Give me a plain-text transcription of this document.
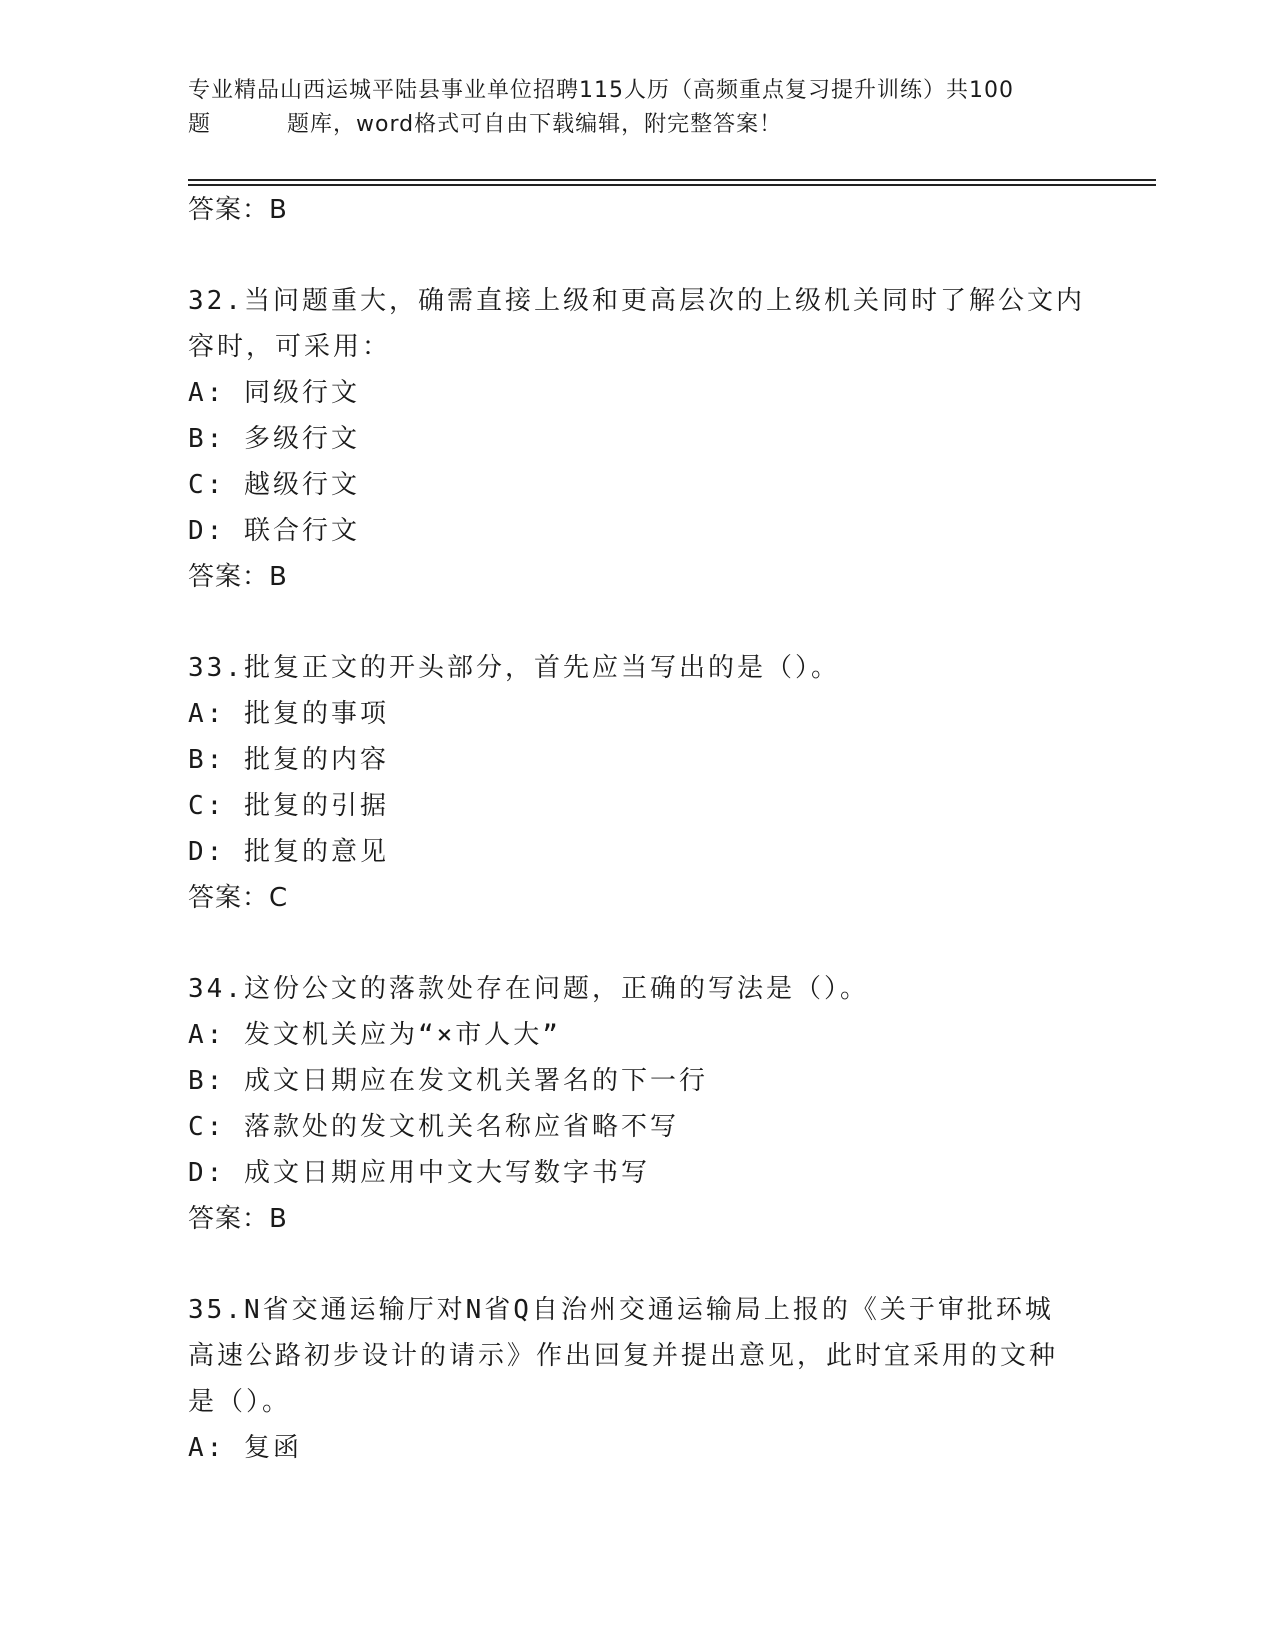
专业精品山西运城平陆县事业单位招聘115人历（高频重点复习提升训练）共100
题	题库，word格式可自由下载编辑，附完整答案！
答案：B
32.当问题重大，确需直接上级和更高层次的上级机关同时了解公文内
容时，可采用：
A: 同级行文
B: 多级行文
C: 越级行文
D: 联合行文
答案：B
33.批复正文的开头部分，首先应当写出的是（）。
A: 批复的事项
B: 批复的内容
C: 批复的引据
D: 批复的意见
答案：C
34.这份公文的落款处存在问题，正确的写法是（）。
A: 发文机关应为“×市人大”
B: 成文日期应在发文机关署名的下一行
C: 落款处的发文机关名称应省略不写
D: 成文日期应用中文大写数字书写
答案：B
35.N省交通运输厅对N省Q自治州交通运输局上报的《关于审批环城
高速公路初步设计的请示》作出回复并提出意见，此时宜采用的文种
是（）。
A: 复函
